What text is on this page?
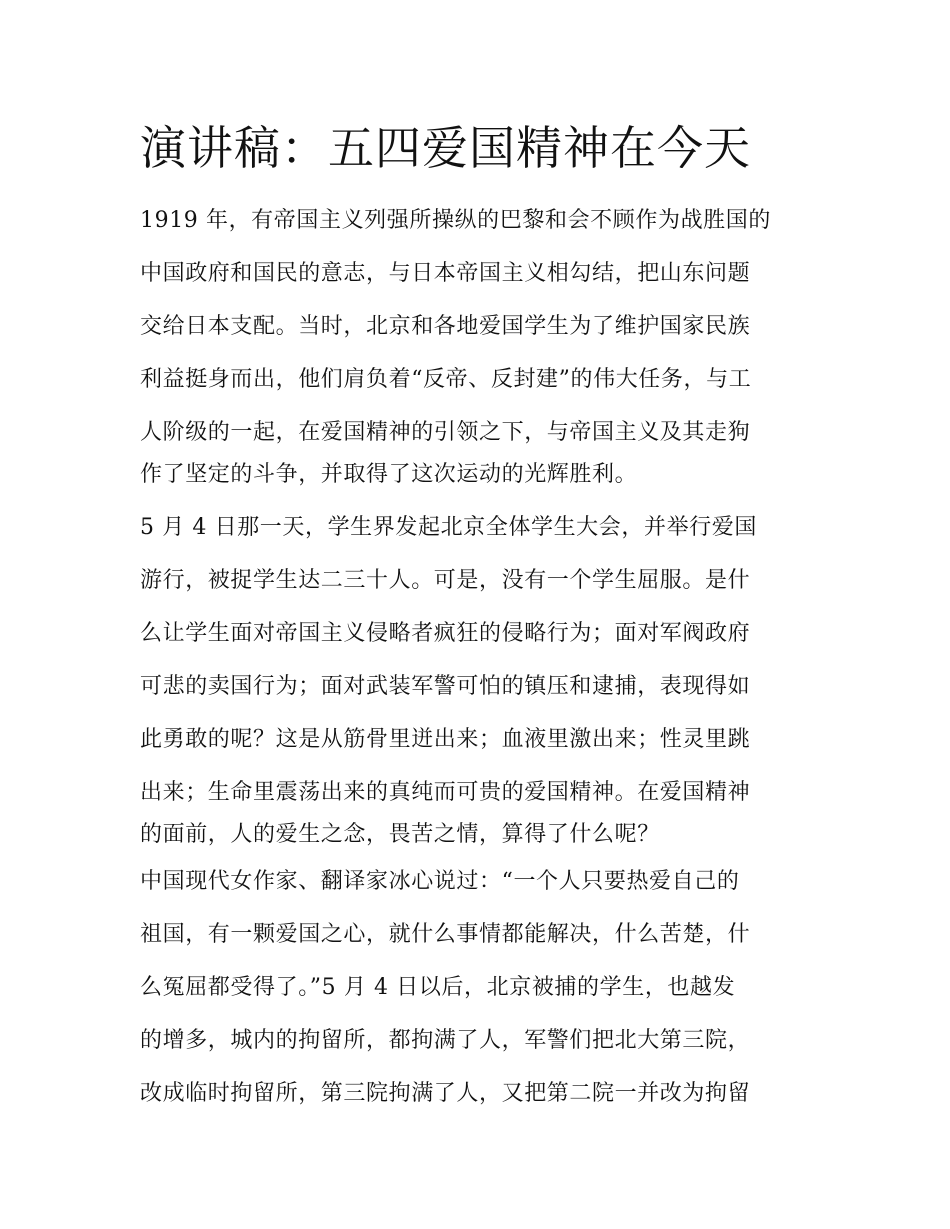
演讲稿：五四爱国精神在今天
1919 年，有帝国主义列强所操纵的巴黎和会不顾作为战胜国的
中国政府和国民的意志，与日本帝国主义相勾结，把山东问题
交给日本支配。当时，北京和各地爱国学生为了维护国家民族
利益挺身而出，他们肩负着“反帝、反封建”的伟大任务，与工
人阶级的一起，在爱国精神的引领之下，与帝国主义及其走狗
作了坚定的斗争，并取得了这次运动的光辉胜利。
5 月 4 日那一天，学生界发起北京全体学生大会，并举行爱国
游行，被捉学生达二三十人。可是，没有一个学生屈服。是什
么让学生面对帝国主义侵略者疯狂的侵略行为；面对军阀政府
可悲的卖国行为；面对武装军警可怕的镇压和逮捕，表现得如
此勇敢的呢？这是从筋骨里迸出来；血液里激出来；性灵里跳
出来；生命里震荡出来的真纯而可贵的爱国精神。在爱国精神
的面前，人的爱生之念，畏苦之情，算得了什么呢？
中国现代女作家、翻译家冰心说过：“一个人只要热爱自己的
祖国，有一颗爱国之心，就什么事情都能解决，什么苦楚，什
么冤屈都受得了。”5 月 4 日以后，北京被捕的学生，也越发
的增多，城内的拘留所，都拘满了人，军警们把北大第三院，
改成临时拘留所，第三院拘满了人，又把第二院一并改为拘留
